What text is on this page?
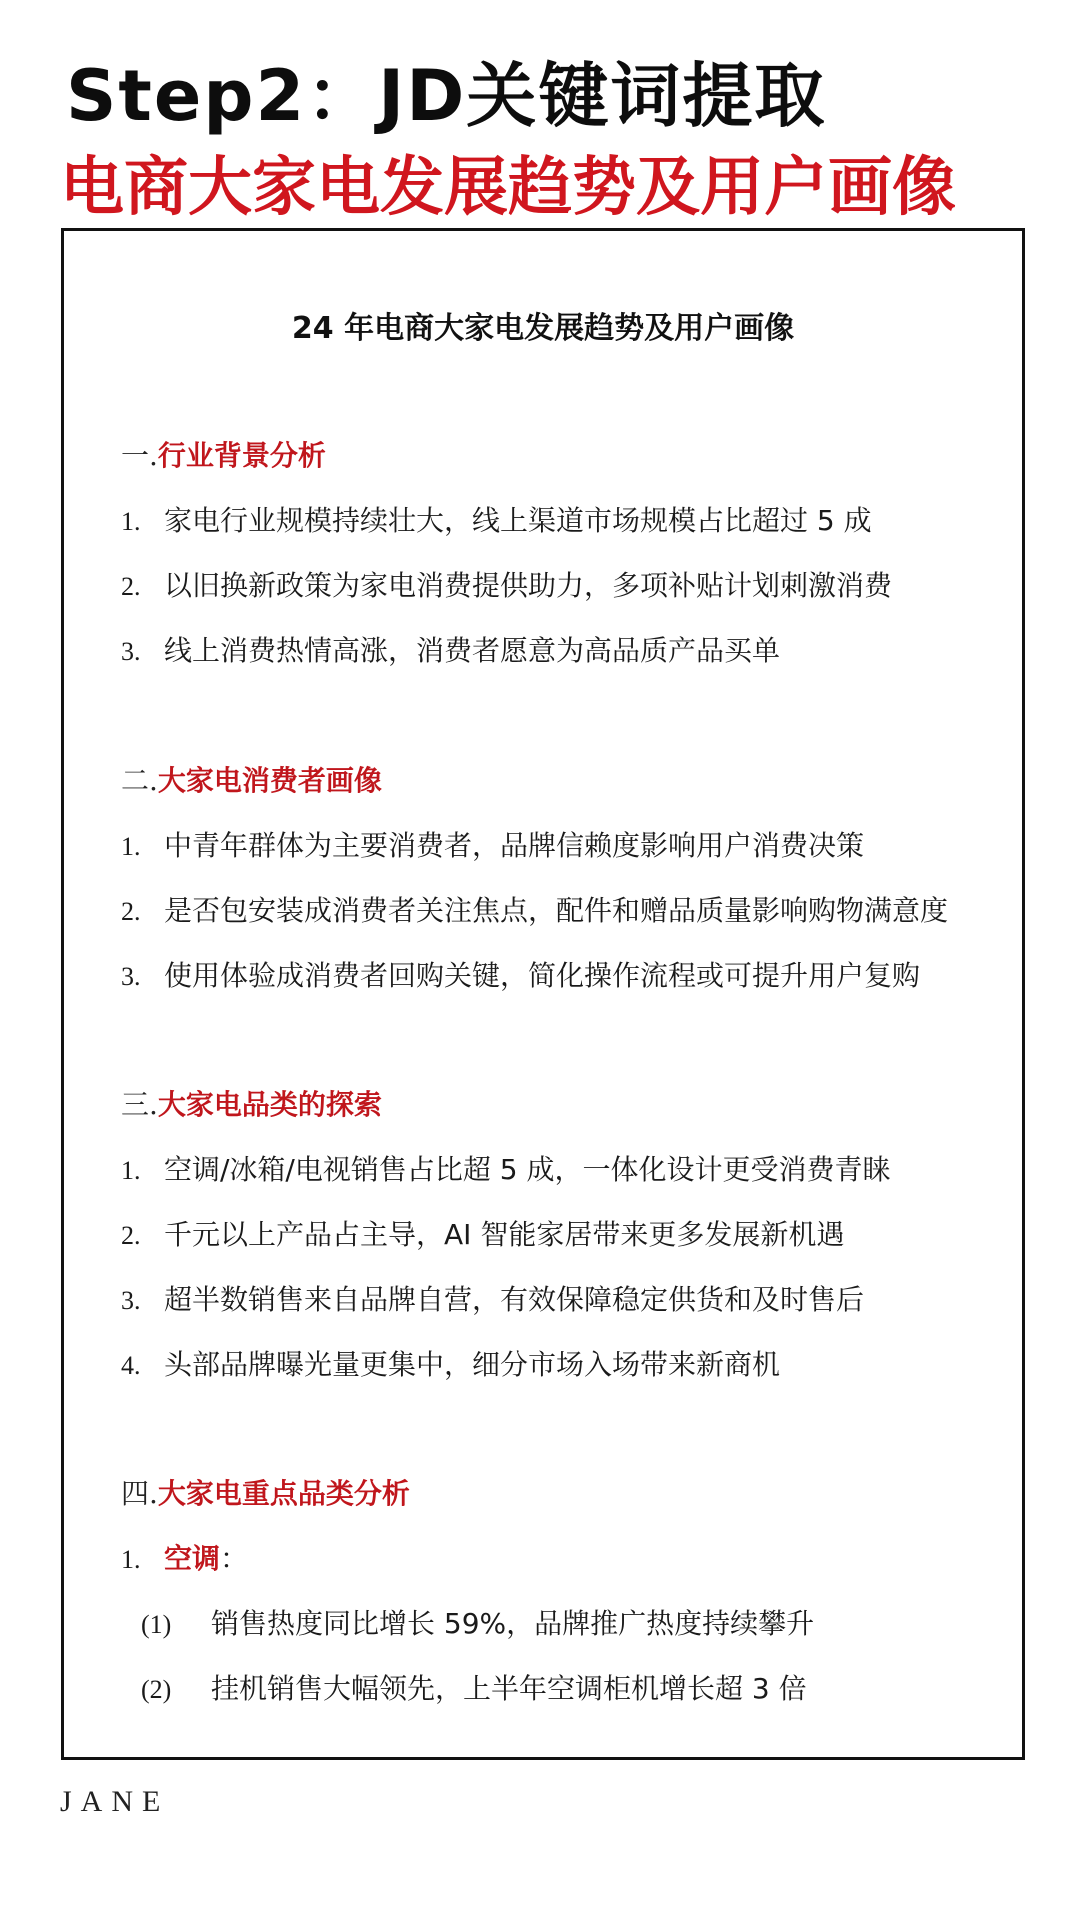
Step2：JD关键词提取
电商大家电发展趋势及用户画像
24 年电商大家电发展趋势及用户画像
一.行业背景分析
1. 家电行业规模持续壮大，线上渠道市场规模占比超过 5 成
2. 以旧换新政策为家电消费提供助力，多项补贴计划刺激消费
3. 线上消费热情高涨，消费者愿意为高品质产品买单
二.大家电消费者画像
1. 中青年群体为主要消费者，品牌信赖度影响用户消费决策
2. 是否包安装成消费者关注焦点，配件和赠品质量影响购物满意度
3. 使用体验成消费者回购关键，简化操作流程或可提升用户复购
三.大家电品类的探索
1. 空调/冰箱/电视销售占比超 5 成，一体化设计更受消费青睐
2. 千元以上产品占主导，AI 智能家居带来更多发展新机遇
3. 超半数销售来自品牌自营，有效保障稳定供货和及时售后
4. 头部品牌曝光量更集中，细分市场入场带来新商机
四.大家电重点品类分析
1. 空调：
(1) 销售热度同比增长 59%，品牌推广热度持续攀升
(2) 挂机销售大幅领先，上半年空调柜机增长超 3 倍
JANE
